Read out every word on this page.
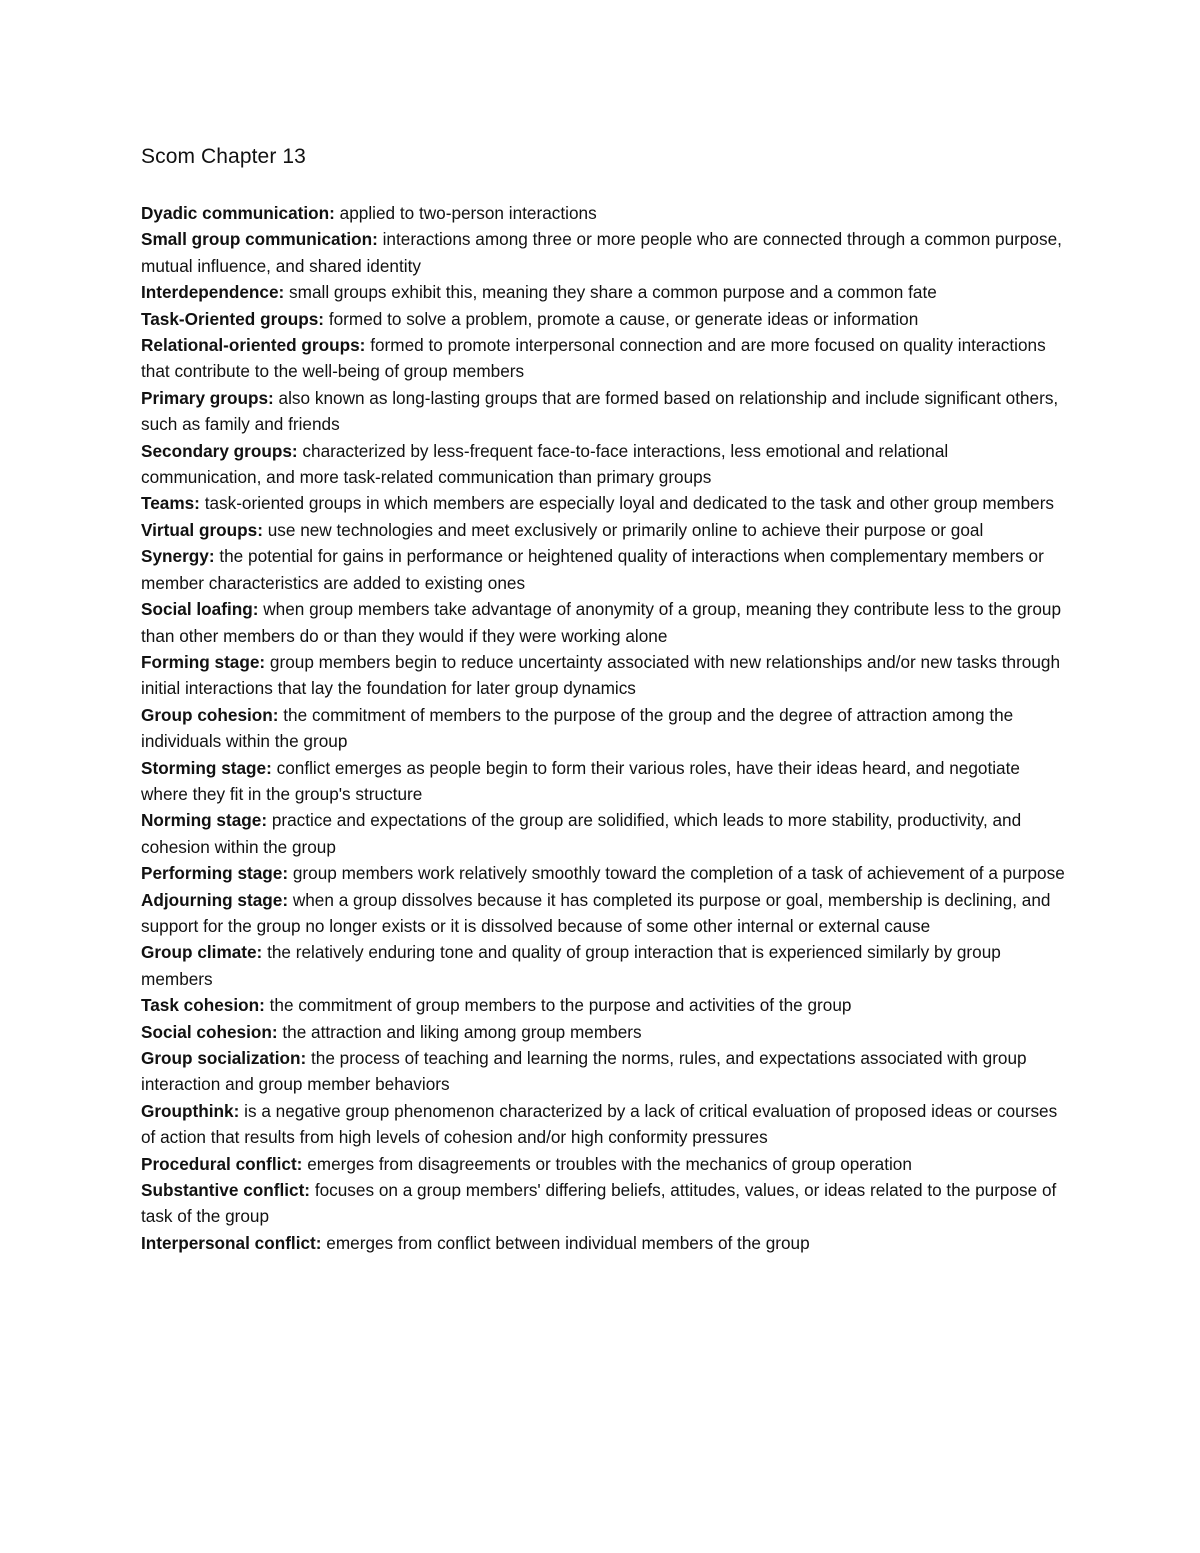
Scom Chapter 13
Dyadic communication: applied to two-person interactions
Small group communication: interactions among three or more people who are connected through a common purpose, mutual influence, and shared identity
Interdependence: small groups exhibit this, meaning they share a common purpose and a common fate
Task-Oriented groups: formed to solve a problem, promote a cause, or generate ideas or information
Relational-oriented groups: formed to promote interpersonal connection and are more focused on quality interactions that contribute to the well-being of group members
Primary groups: also known as long-lasting groups that are formed based on relationship and include significant others, such as family and friends
Secondary groups: characterized by less-frequent face-to-face interactions, less emotional and relational communication, and more task-related communication than primary groups
Teams: task-oriented groups in which members are especially loyal and dedicated to the task and other group members
Virtual groups: use new technologies and meet exclusively or primarily online to achieve their purpose or goal
Synergy: the potential for gains in performance or heightened quality of interactions when complementary members or member characteristics are added to existing ones
Social loafing: when group members take advantage of anonymity of a group, meaning they contribute less to the group than other members do or than they would if they were working alone
Forming stage: group members begin to reduce uncertainty associated with new relationships and/or new tasks through initial interactions that lay the foundation for later group dynamics
Group cohesion: the commitment of members to the purpose of the group and the degree of attraction among the individuals within the group
Storming stage: conflict emerges as people begin to form their various roles, have their ideas heard, and negotiate where they fit in the group's structure
Norming stage: practice and expectations of the group are solidified, which leads to more stability, productivity, and cohesion within the group
Performing stage: group members work relatively smoothly toward the completion of a task of achievement of a purpose
Adjourning stage: when a group dissolves because it has completed its purpose or goal, membership is declining, and support for the group no longer exists or it is dissolved because of some other internal or external cause
Group climate: the relatively enduring tone and quality of group interaction that is experienced similarly by group members
Task cohesion: the commitment of group members to the purpose and activities of the group
Social cohesion: the attraction and liking among group members
Group socialization: the process of teaching and learning the norms, rules, and expectations associated with group interaction and group member behaviors
Groupthink: is a negative group phenomenon characterized by a lack of critical evaluation of proposed ideas or courses of action that results from high levels of cohesion and/or high conformity pressures
Procedural conflict: emerges from disagreements or troubles with the mechanics of group operation
Substantive conflict: focuses on a group members' differing beliefs, attitudes, values, or ideas related to the purpose of task of the group
Interpersonal conflict: emerges from conflict between individual members of the group
